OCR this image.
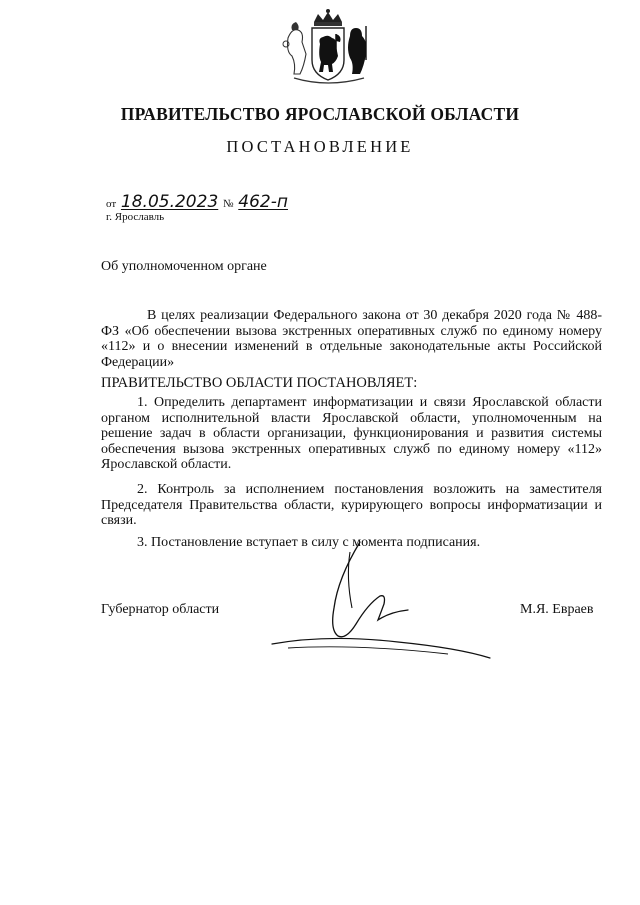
ПРАВИТЕЛЬСТВО ЯРОСЛАВСКОЙ ОБЛАСТИ
ПОСТАНОВЛЕНИЕ
от 18.05.2023 № 462-п
г. Ярославль
Об уполномоченном органе

В целях реализации Федерального закона от 30 декабря 2020 года № 488-ФЗ «Об обеспечении вызова экстренных оперативных служб по единому номеру «112» и о внесении изменений в отдельные законодательные акты Российской Федерации»

ПРАВИТЕЛЬСТВО ОБЛАСТИ ПОСТАНОВЛЯЕТ:

1. Определить департамент информатизации и связи Ярославской области органом исполнительной власти Ярославской области, уполномоченным на решение задач в области организации, функционирования и развития системы обеспечения вызова экстренных оперативных служб по единому номеру «112» Ярославской области.

2. Контроль за исполнением постановления возложить на заместителя Председателя Правительства области, курирующего вопросы информатизации и связи.

3. Постановление вступает в силу с момента подписания.

Губернатор области	М.Я. Евраев
